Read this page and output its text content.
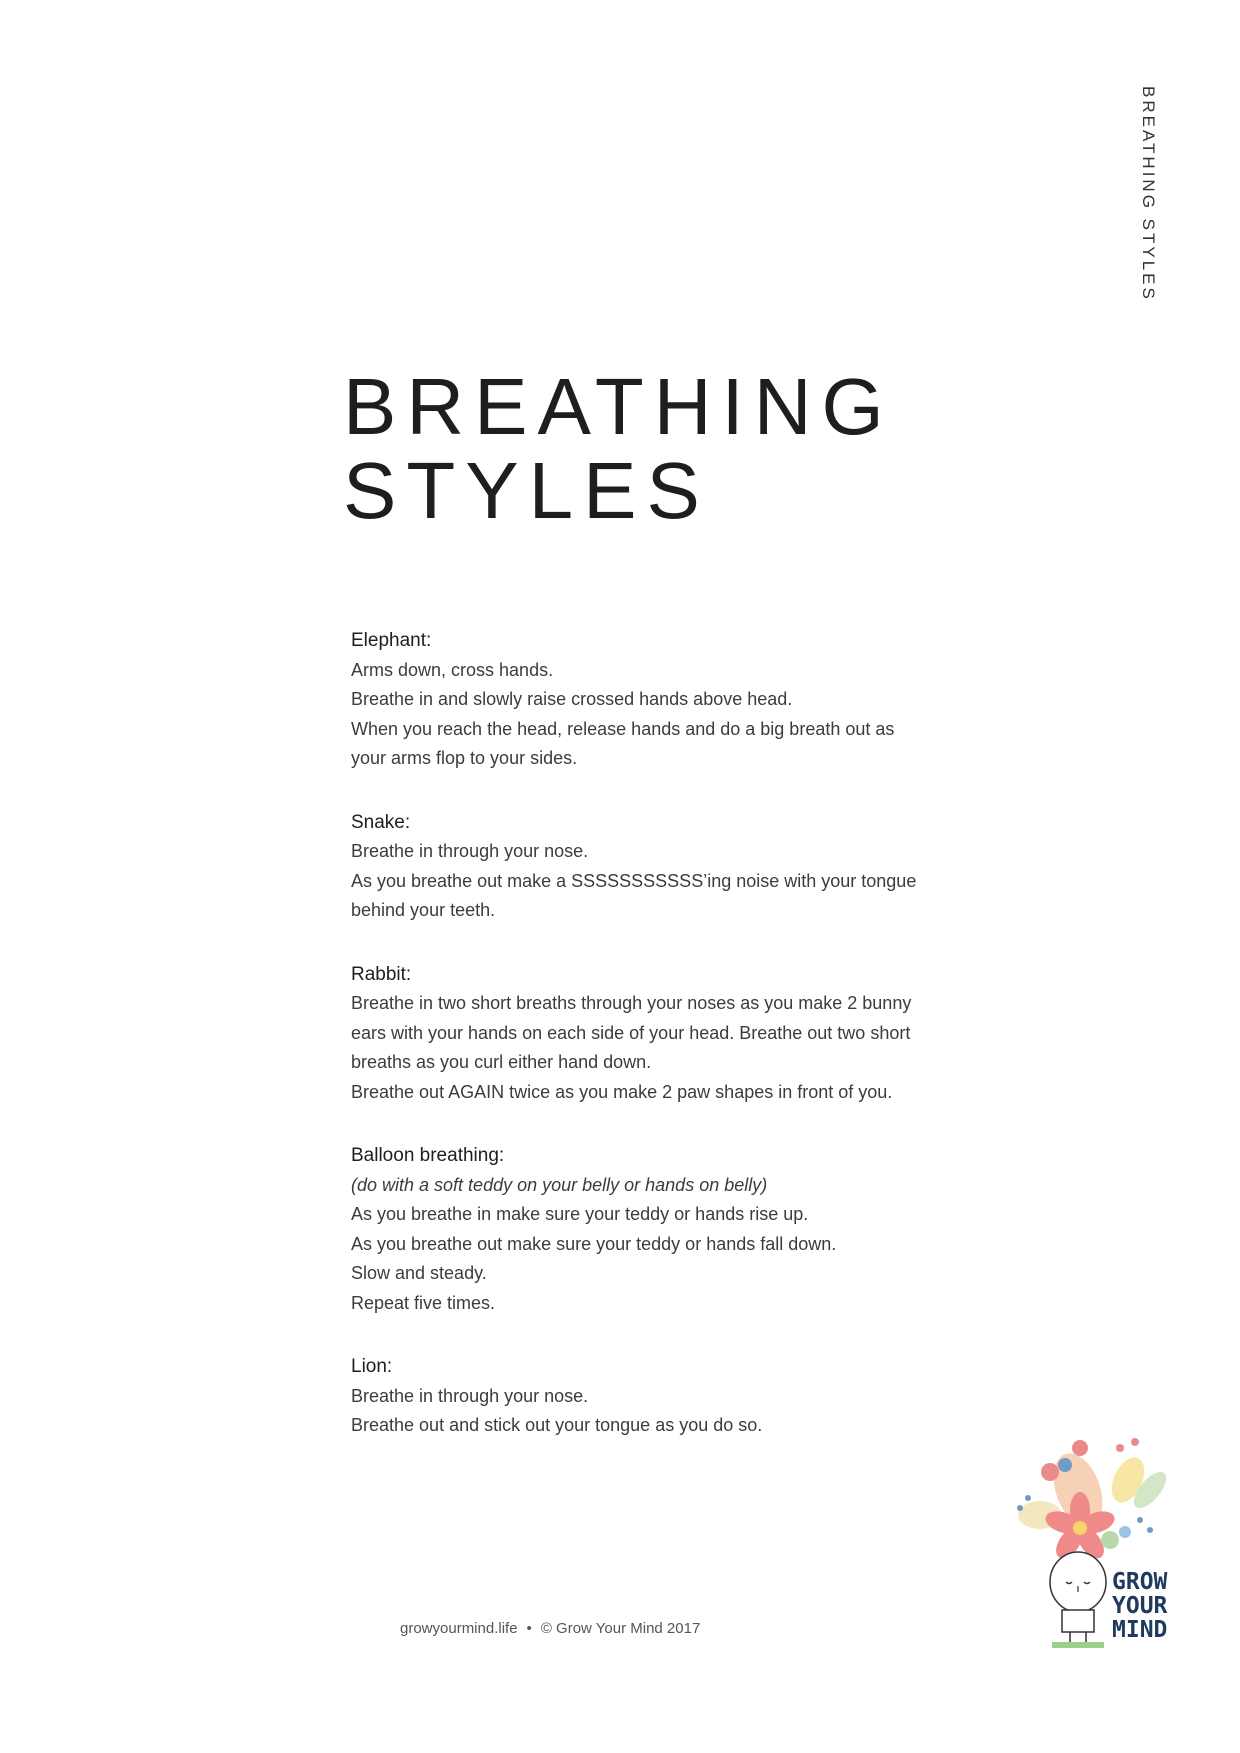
BREATHING STYLES
BREATHING
STYLES

Elephant:

Arms down, cross hands.

Breathe in and slowly raise crossed hands above head.

When you reach the head, release hands and do a big breath out as

your arms flop to your sides.

Snake:

Breathe in through your nose.

As you breathe out make a SSSSSSSSSSS’ing noise with your tongue

behind your teeth.

Rabbit:

Breathe in two short breaths through your noses as you make 2 bunny

ears with your hands on each side of your head. Breathe out two short

breaths as you curl either hand down.

Breathe out AGAIN twice as you make 2 paw shapes in front of you.

Balloon breathing:

(do with a soft teddy on your belly or hands on belly)

As you breathe in make sure your teddy or hands rise up.

As you breathe out make sure your teddy or hands fall down.

Slow and steady.

Repeat five times.

Lion:

Breathe in through your nose.

Breathe out and stick out your tongue as you do so.

growyourmind.life • © Grow Your Mind 2017
GROW
YOUR
MIND
